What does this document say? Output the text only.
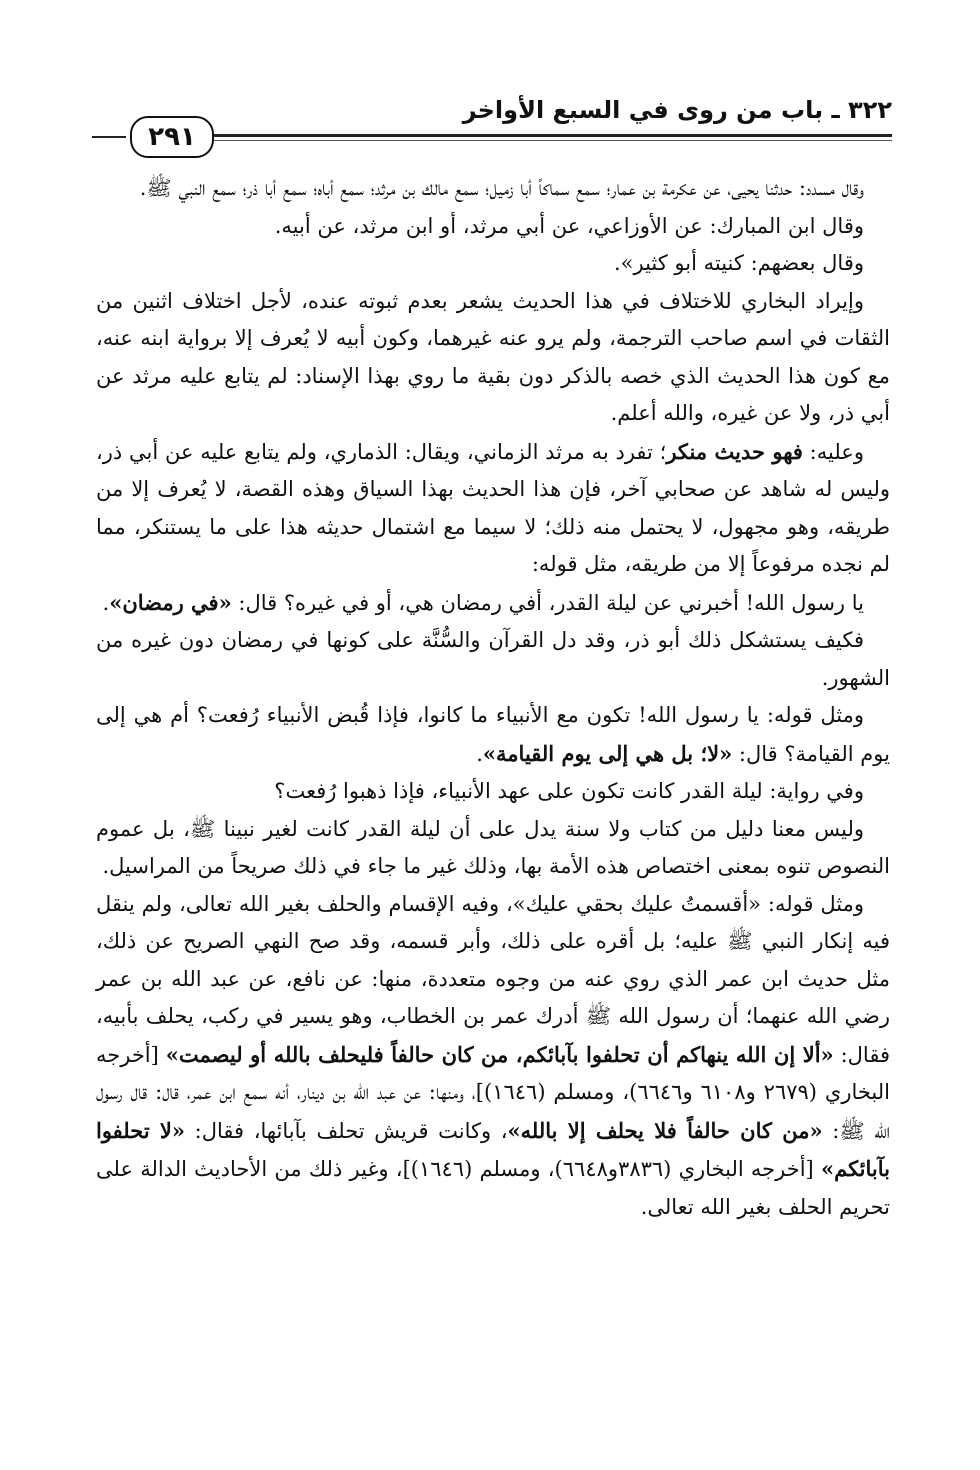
٣٢٢ ـ باب من روى في السبع الأواخر
٢٩١

وقال مسدد: حدثنا يحيى، عن عكرمة بن عمار؛ سمع سماكاً أبا زميل؛ سمع مالك بن مرثد؛ سمع أباه؛ سمع أبا ذر؛ سمع النبي ﷺ.

وقال ابن المبارك: عن الأوزاعي، عن أبي مرثد، أو ابن مرثد، عن أبيه.

وقال بعضهم: كنيته أبو كثير».

وإيراد البخاري للاختلاف في هذا الحديث يشعر بعدم ثبوته عنده، لأجل اختلاف اثنين من الثقات في اسم صاحب الترجمة، ولم يرو عنه غيرهما، وكون أبيه لا يُعرف إلا برواية ابنه عنه، مع كون هذا الحديث الذي خصه بالذكر دون بقية ما روي بهذا الإسناد: لم يتابع عليه مرثد عن أبي ذر، ولا عن غيره، والله أعلم.

وعليه: فهو حديث منكر؛ تفرد به مرثد الزماني، ويقال: الذماري، ولم يتابع عليه عن أبي ذر، وليس له شاهد عن صحابي آخر، فإن هذا الحديث بهذا السياق وهذه القصة، لا يُعرف إلا من طريقه، وهو مجهول، لا يحتمل منه ذلك؛ لا سيما مع اشتمال حديثه هذا على ما يستنكر، مما لم نجده مرفوعاً إلا من طريقه، مثل قوله:

يا رسول الله! أخبرني عن ليلة القدر، أفي رمضان هي، أو في غيره؟ قال: «في رمضان».

فكيف يستشكل ذلك أبو ذر، وقد دل القرآن والسُّنَّة على كونها في رمضان دون غيره من الشهور.

ومثل قوله: يا رسول الله! تكون مع الأنبياء ما كانوا، فإذا قُبض الأنبياء رُفعت؟ أم هي إلى يوم القيامة؟ قال: «لا؛ بل هي إلى يوم القيامة».

وفي رواية: ليلة القدر كانت تكون على عهد الأنبياء، فإذا ذهبوا رُفعت؟

وليس معنا دليل من كتاب ولا سنة يدل على أن ليلة القدر كانت لغير نبينا ﷺ، بل عموم النصوص تنوه بمعنى اختصاص هذه الأمة بها، وذلك غير ما جاء في ذلك صريحاً من المراسيل.

ومثل قوله: «أقسمتُ عليك بحقي عليك»، وفيه الإقسام والحلف بغير الله تعالى، ولم ينقل فيه إنكار النبي ﷺ عليه؛ بل أقره على ذلك، وأبر قسمه، وقد صح النهي الصريح عن ذلك، مثل حديث ابن عمر الذي روي عنه من وجوه متعددة، منها: عن نافع، عن عبد الله بن عمر رضي الله عنهما؛ أن رسول الله ﷺ أدرك عمر بن الخطاب، وهو يسير في ركب، يحلف بأبيه، فقال: «ألا إن الله ينهاكم أن تحلفوا بآبائكم، من كان حالفاً فليحلف بالله أو ليصمت» [أخرجه البخاري (٢٦٧٩ و٦١٠٨ و٦٦٤٦)، ومسلم (١٦٤٦)]، ومنها: عن عبد الله بن دينار، أنه سمع ابن عمر، قال: قال رسول الله ﷺ: «من كان حالفاً فلا يحلف إلا بالله»، وكانت قريش تحلف بآبائها، فقال: «لا تحلفوا بآبائكم» [أخرجه البخاري (٣٨٣٦و٦٦٤٨)، ومسلم (١٦٤٦)]، وغير ذلك من الأحاديث الدالة على تحريم الحلف بغير الله تعالى.
